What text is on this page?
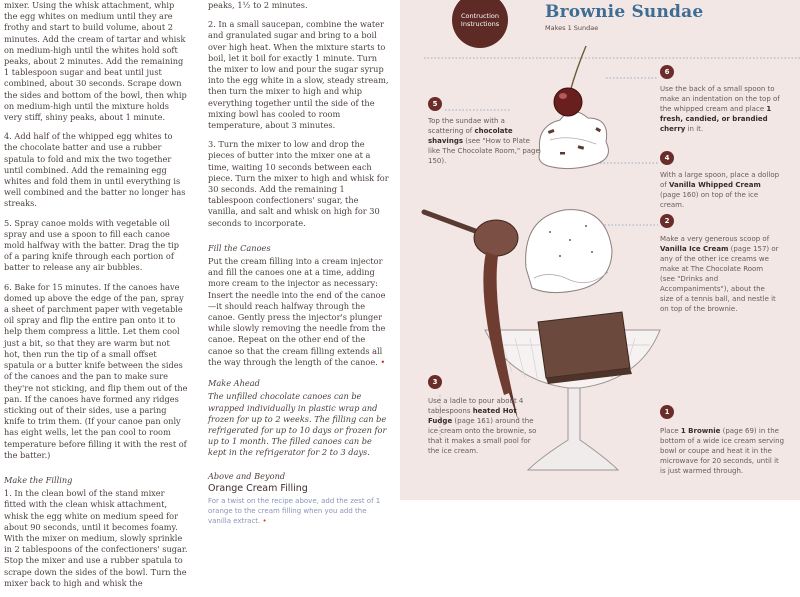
mixer. Using the whisk attachment, whip the egg whites on medium until they are frothy and start to build volume, about 2 minutes. Add the cream of tartar and whisk on medium-high until the whites hold soft peaks, about 2 minutes. Add the remaining 1 tablespoon sugar and beat until just combined, about 30 seconds. Scrape down the sides and bottom of the bowl, then whip on medium-high until the mixture holds very stiff, shiny peaks, about 1 minute.

4. Add half of the whipped egg whites to the chocolate batter and use a rubber spatula to fold and mix the two together until combined. Add the remaining egg whites and fold them in until everything is well combined and the batter no longer has streaks.

5. Spray canoe molds with vegetable oil spray and use a spoon to fill each canoe mold halfway with the batter. Drag the tip of a paring knife through each portion of batter to release any air bubbles.

6. Bake for 15 minutes. If the canoes have domed up above the edge of the pan, spray a sheet of parchment paper with vegetable oil spray and flip the entire pan onto it to help them compress a little. Let them cool just a bit, so that they are warm but not hot, then run the tip of a small offset spatula or a butter knife between the sides of the canoes and the pan to make sure they're not sticking, and flip them out of the pan. If the canoes have formed any ridges sticking out of their sides, use a paring knife to trim them. (If your canoe pan only has eight wells, let the pan cool to room temperature before filling it with the rest of the batter.)

Make the Filling

1. In the clean bowl of the stand mixer fitted with the clean whisk attachment, whisk the egg white on medium speed for about 90 seconds, until it becomes foamy. With the mixer on medium, slowly sprinkle in 2 tablespoons of the confectioners' sugar. Stop the mixer and use a rubber spatula to scrape down the sides of the bowl. Turn the mixer back to high and whisk the

peaks, 1½ to 2 minutes.

2. In a small saucepan, combine the water and granulated sugar and bring to a boil over high heat. When the mixture starts to boil, let it boil for exactly 1 minute. Turn the mixer to low and pour the sugar syrup into the egg white in a slow, steady stream, then turn the mixer to high and whip everything together until the side of the mixing bowl has cooled to room temperature, about 3 minutes.

3. Turn the mixer to low and drop the pieces of butter into the mixer one at a time, waiting 10 seconds between each piece. Turn the mixer to high and whisk for 30 seconds. Add the remaining 1 tablespoon confectioners' sugar, the vanilla, and salt and whisk on high for 30 seconds to incorporate.

Fill the Canoes

Put the cream filling into a cream injector and fill the canoes one at a time, adding more cream to the injector as necessary: Insert the needle into the end of the canoe—it should reach halfway through the canoe. Gently press the injector's plunger while slowly removing the needle from the canoe. Repeat on the other end of the canoe so that the cream filling extends all the way through the length of the canoe. •

Make Ahead

The unfilled chocolate canoes can be wrapped individually in plastic wrap and frozen for up to 2 weeks. The filling can be refrigerated for up to 10 days or frozen for up to 1 month. The filled canoes can be kept in the refrigerator for 2 to 3 days.

Above and Beyond
Orange Cream Filling
For a twist on the recipe above, add the zest of 1 orange to the cream filling when you add the vanilla extract. •
Contruction
Instructions
Brownie Sundae
Makes 1 Sundae
5
6
4
2
3
1
Top the sundae with a scattering of chocolate shavings (see "How to Plate like The Chocolate Room," page 150).
Use the back of a small spoon to make an indentation on the top of the whipped cream and place 1 fresh, candied, or brandied cherry in it.
With a large spoon, place a dollop of Vanilla Whipped Cream (page 160) on top of the ice cream.
Make a very generous scoop of Vanilla Ice Cream (page 157) or any of the other ice creams we make at The Chocolate Room (see "Drinks and Accompaniments"), about the size of a tennis ball, and nestle it on top of the brownie.
Use a ladle to pour about 4 tablespoons heated Hot Fudge (page 161) around the ice cream onto the brownie, so that it makes a small pool for the ice cream.
Place 1 Brownie (page 69) in the bottom of a wide ice cream serving bowl or coupe and heat it in the microwave for 20 seconds, until it is just warmed through.
